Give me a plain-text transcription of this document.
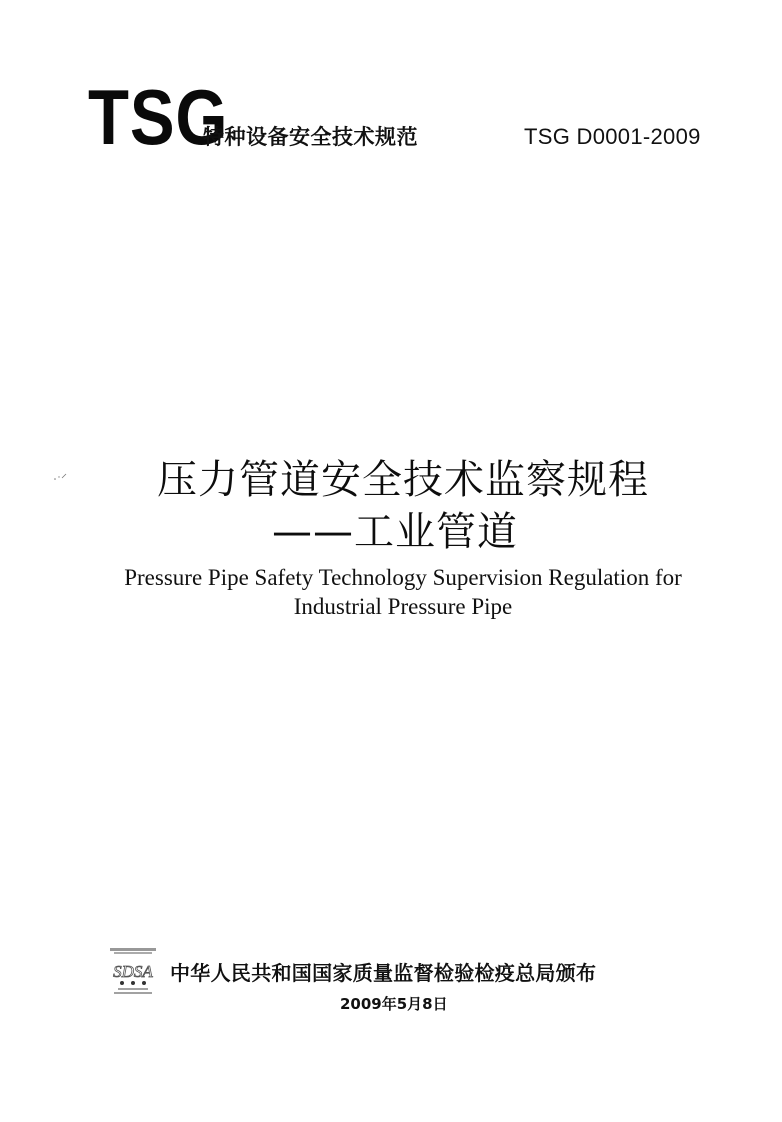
TSG
特种设备安全技术规范	TSG D0001-2009
压力管道安全技术监察规程
——工业管道
Pressure Pipe Safety Technology Supervision Regulation for
Industrial Pressure Pipe
SDSA 中华人民共和国国家质量监督检验检疫总局颁布
2009年5月8日
